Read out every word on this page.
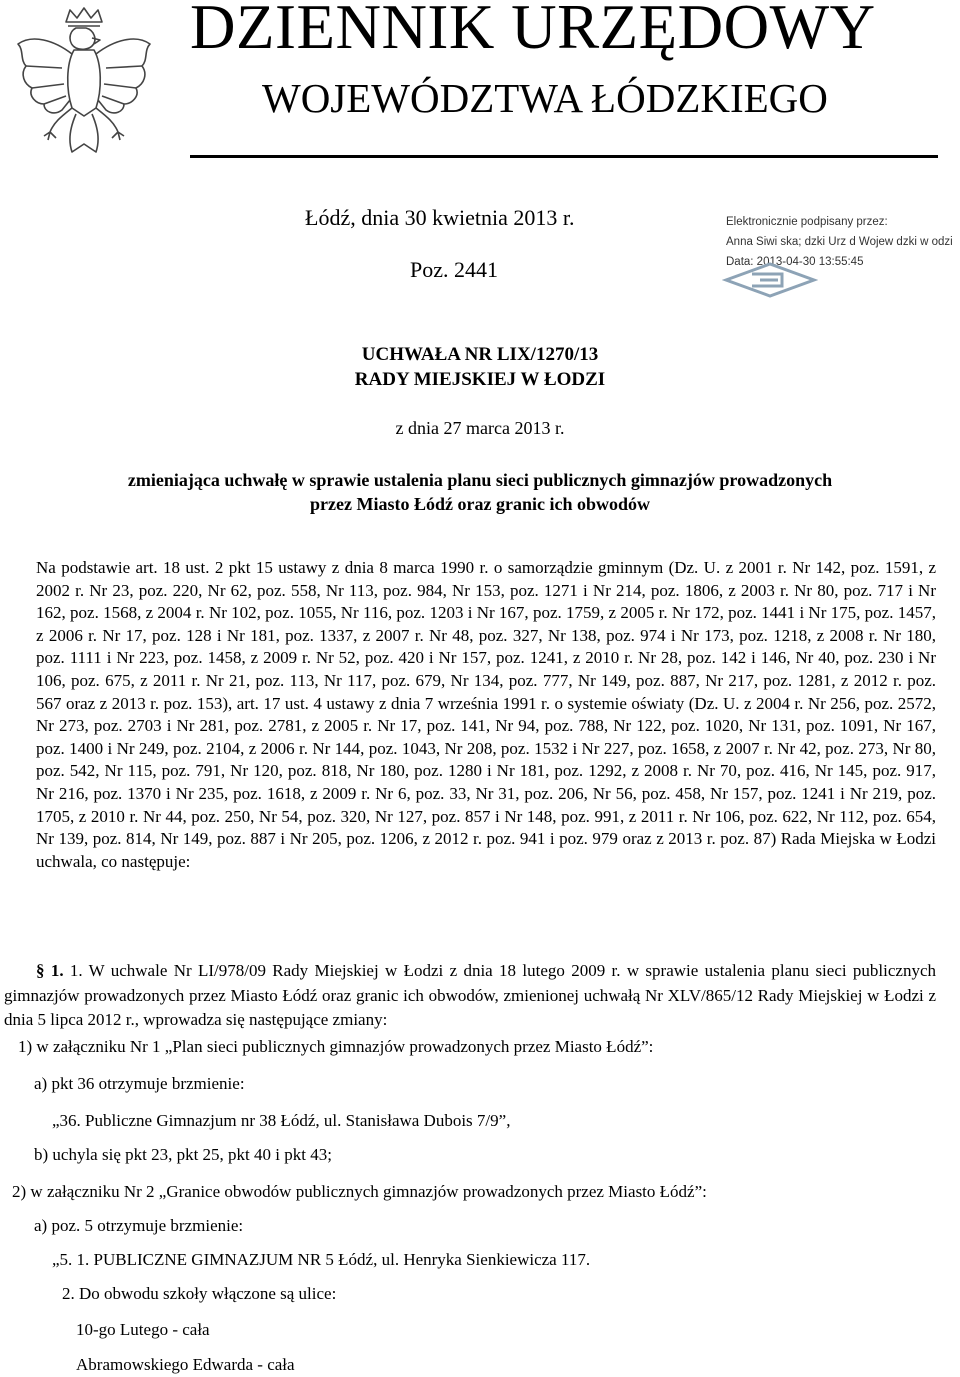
DZIENNIK URZĘDOWY
WOJEWÓDZTWA ŁÓDZKIEGO
Łódź, dnia 30 kwietnia 2013 r.
Poz. 2441
Elektronicznie podpisany przez:
Anna Siwi ska; dzki Urz d Wojew dzki w odzi
Data: 2013-04-30 13:55:45
UCHWAŁA NR LIX/1270/13
RADY MIEJSKIEJ W ŁODZI
z dnia 27 marca 2013 r.
zmieniająca uchwałę w sprawie ustalenia planu sieci publicznych gimnazjów prowadzonych
przez Miasto Łódź oraz granic ich obwodów
Na podstawie art. 18 ust. 2 pkt 15 ustawy z dnia 8 marca 1990 r. o samorządzie gminnym (Dz. U. z 2001 r. Nr 142, poz. 1591, z 2002 r. Nr 23, poz. 220, Nr 62, poz. 558, Nr 113, poz. 984, Nr 153, poz. 1271 i Nr 214, poz. 1806, z 2003 r. Nr 80, poz. 717 i Nr 162, poz. 1568, z 2004 r. Nr 102, poz. 1055, Nr 116, poz. 1203 i Nr 167, poz. 1759, z 2005 r. Nr 172, poz. 1441 i Nr 175, poz. 1457, z 2006 r. Nr 17, poz. 128 i Nr 181, poz. 1337, z 2007 r. Nr 48, poz. 327, Nr 138, poz. 974 i Nr 173, poz. 1218, z 2008 r. Nr 180, poz. 1111 i Nr 223, poz. 1458, z 2009 r. Nr 52, poz. 420 i Nr 157, poz. 1241, z 2010 r. Nr 28, poz. 142 i 146, Nr 40, poz. 230 i Nr 106, poz. 675, z 2011 r. Nr 21, poz. 113, Nr 117, poz. 679, Nr 134, poz. 777, Nr 149, poz. 887, Nr 217, poz. 1281, z 2012 r. poz. 567 oraz z 2013 r. poz. 153), art. 17 ust. 4 ustawy z dnia 7 września 1991 r. o systemie oświaty (Dz. U. z 2004 r. Nr 256, poz. 2572, Nr 273, poz. 2703 i Nr 281, poz. 2781, z 2005 r. Nr 17, poz. 141, Nr 94, poz. 788, Nr 122, poz. 1020, Nr 131, poz. 1091, Nr 167, poz. 1400 i Nr 249, poz. 2104, z 2006 r. Nr 144, poz. 1043, Nr 208, poz. 1532 i Nr 227, poz. 1658, z 2007 r. Nr 42, poz. 273, Nr 80, poz. 542, Nr 115, poz. 791, Nr 120, poz. 818, Nr 180, poz. 1280 i Nr 181, poz. 1292, z 2008 r. Nr 70, poz. 416, Nr 145, poz. 917, Nr 216, poz. 1370 i Nr 235, poz. 1618, z 2009 r. Nr 6, poz. 33, Nr 31, poz. 206, Nr 56, poz. 458, Nr 157, poz. 1241 i Nr 219, poz. 1705, z 2010 r. Nr 44, poz. 250, Nr 54, poz. 320, Nr 127, poz. 857 i Nr 148, poz. 991, z 2011 r. Nr 106, poz. 622, Nr 112, poz. 654, Nr 139, poz. 814, Nr 149, poz. 887 i Nr 205, poz. 1206, z 2012 r. poz. 941 i poz. 979 oraz z 2013 r. poz. 87) Rada Miejska w Łodzi uchwala, co następuje:
§ 1. 1. W uchwale Nr LI/978/09 Rady Miejskiej w Łodzi z dnia 18 lutego 2009 r. w sprawie ustalenia planu sieci publicznych gimnazjów prowadzonych przez Miasto Łódź oraz granic ich obwodów, zmienionej uchwałą Nr XLV/865/12 Rady Miejskiej w Łodzi z dnia 5 lipca 2012 r., wprowadza się następujące zmiany:
1) w załączniku Nr 1 „Plan sieci publicznych gimnazjów prowadzonych przez Miasto Łódź”:
a) pkt 36 otrzymuje brzmienie:
„36. Publiczne Gimnazjum nr 38 Łódź, ul. Stanisława Dubois 7/9”,
b) uchyla się pkt 23, pkt 25, pkt 40 i pkt 43;
2) w załączniku Nr 2 „Granice obwodów publicznych gimnazjów prowadzonych przez Miasto Łódź”:
a) poz. 5 otrzymuje brzmienie:
„5. 1. PUBLICZNE GIMNAZJUM NR 5 Łódź, ul. Henryka Sienkiewicza 117.
2. Do obwodu szkoły włączone są ulice:
10-go Lutego - cała
Abramowskiego Edwarda - cała
